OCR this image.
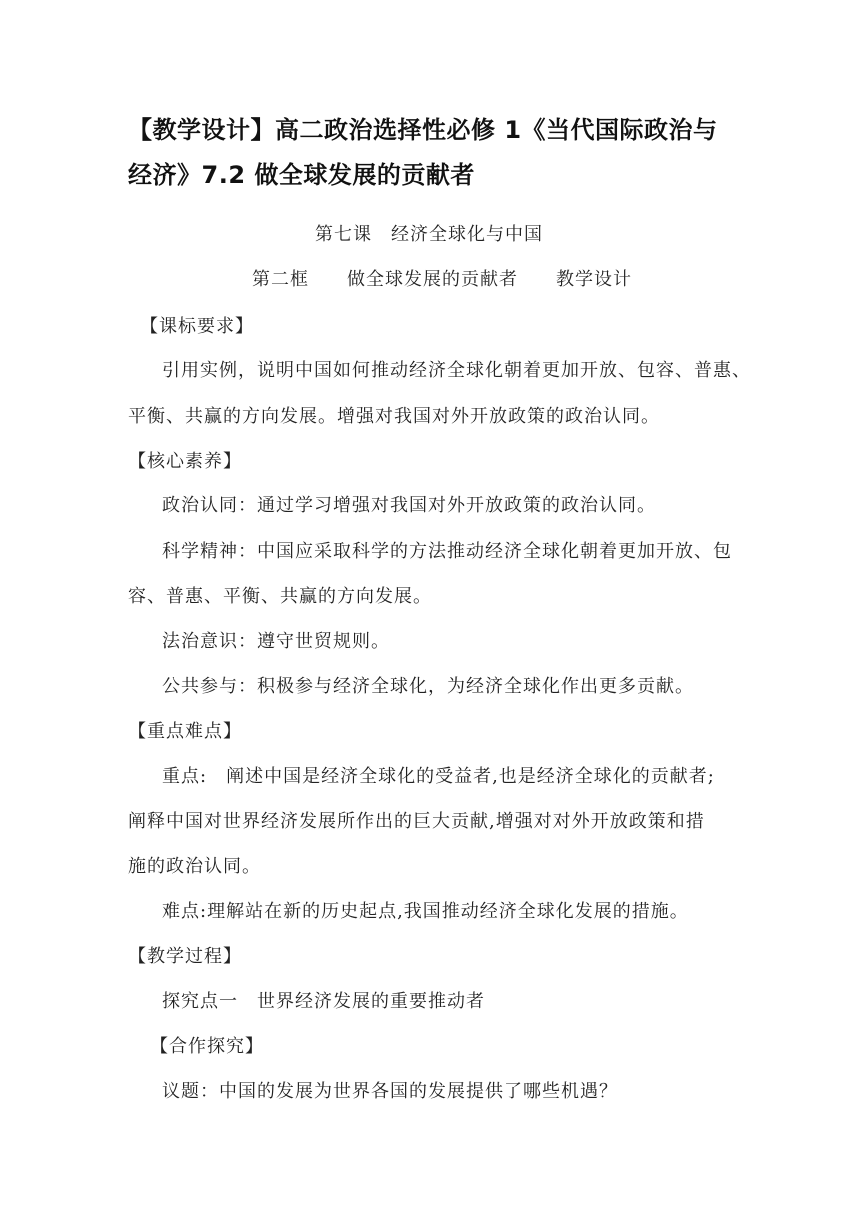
【教学设计】高二政治选择性必修 1《当代国际政治与
经济》7.2 做全球发展的贡献者
第七课　经济全球化与中国
第二框　　做全球发展的贡献者　　教学设计
【课标要求】
引用实例，说明中国如何推动经济全球化朝着更加开放、包容、普惠、
平衡、共赢的方向发展。增强对我国对外开放政策的政治认同。
【核心素养】
政治认同：通过学习增强对我国对外开放政策的政治认同。
科学精神：中国应采取科学的方法推动经济全球化朝着更加开放、包
容、普惠、平衡、共赢的方向发展。
法治意识：遵守世贸规则。
公共参与：积极参与经济全球化，为经济全球化作出更多贡献。
【重点难点】
重点:　阐述中国是经济全球化的受益者,也是经济全球化的贡献者;
阐释中国对世界经济发展所作出的巨大贡献,增强对对外开放政策和措
施的政治认同。
难点:理解站在新的历史起点,我国推动经济全球化发展的措施。
【教学过程】
探究点一　世界经济发展的重要推动者
【合作探究】
议题：中国的发展为世界各国的发展提供了哪些机遇？
